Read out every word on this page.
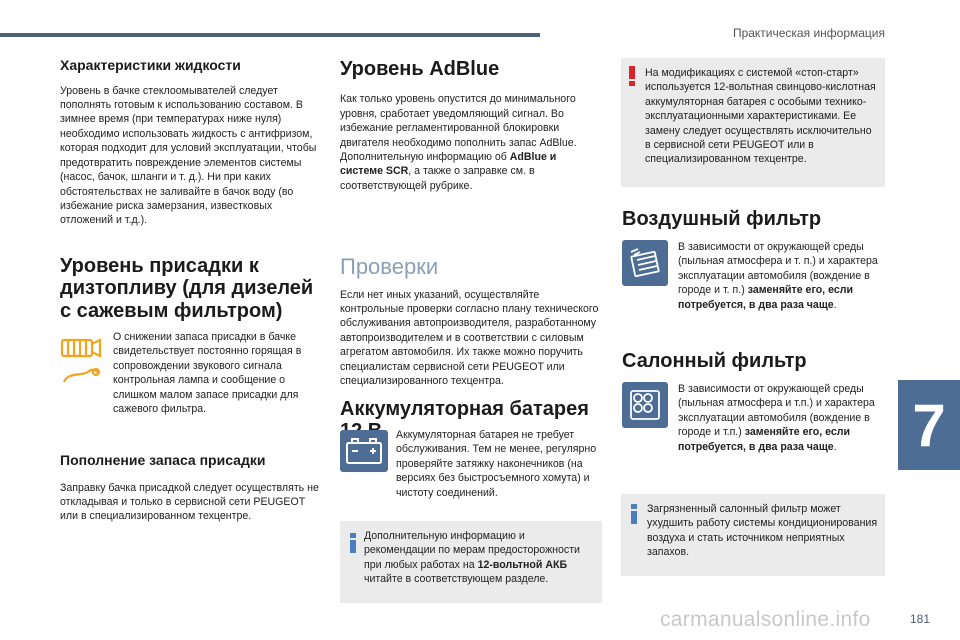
Практическая информация
Характеристики жидкости

Уровень в бачке стеклоомывателей следует пополнять готовым к использованию составом. В зимнее время (при температурах ниже нуля) необходимо использовать жидкость с антифризом, которая подходит для условий эксплуатации, чтобы предотвратить повреждение элементов системы (насос, бачок, шланги и т. д.). Ни при каких обстоятельствах не заливайте в бачок воду (во избежание риска замерзания, известковых отложений и т.д.).

Уровень присадки к дизтопливу (для дизелей с сажевым фильтром)

О снижении запаса присадки в бачке свидетельствует постоянно горящая в сопровождении звукового сигнала контрольная лампа и сообщение о слишком малом запасе присадки для сажевого фильтра.

Пополнение запаса присадки

Заправку бачка присадкой следует осуществлять не откладывая и только в сервисной сети PEUGEOT или в специализированном техцентре.

Уровень AdBlue

Как только уровень опустится до минимального уровня, сработает уведомляющий сигнал. Во избежание регламентированной блокировки двигателя необходимо пополнить запас AdBlue. Дополнительную информацию об AdBlue и системе SCR, а также о заправке см. в соответствующей рубрике.

Проверки

Если нет иных указаний, осуществляйте контрольные проверки согласно плану технического обслуживания автопроизводителя, разработанному автопроизводителем и в соответствии с силовым агрегатом автомобиля. Их также можно поручить специалистам сервисной сети PEUGEOT или специализированного техцентра.

Аккумуляторная батарея

Аккумуляторная батарея не требует обслуживания. Тем не менее, регулярно проверяйте затяжку наконечников (на версиях без быстросъемного хомута) и чистоту соединений.

Дополнительную информацию и рекомендации по мерам предосторожности при любых работах на 12-вольтной АКБ читайте в соответствующем разделе.

На модификациях с системой «стоп-старт» используется 12-вольтная свинцово-кислотная аккумуляторная батарея с особыми технико-эксплуатационными характеристиками. Ее замену следует осуществлять исключительно в сервисной сети PEUGEOT или в специализированном техцентре.

Воздушный фильтр

В зависимости от окружающей среды (пыльная атмосфера и т. п.) и характера эксплуатации автомобиля (вождение в городе и т. п.) заменяйте его, если потребуется, в два раза чаще.

Салонный фильтр

В зависимости от окружающей среды (пыльная атмосфера и т.п.) и характера эксплуатации автомобиля (вождение в городе и т.п.) заменяйте его, если потребуется, в два раза чаще.

Загрязненный салонный фильтр может ухудшить работу системы кондиционирования воздуха и стать источником неприятных запахов.

7
carmanualsonline.info	181
